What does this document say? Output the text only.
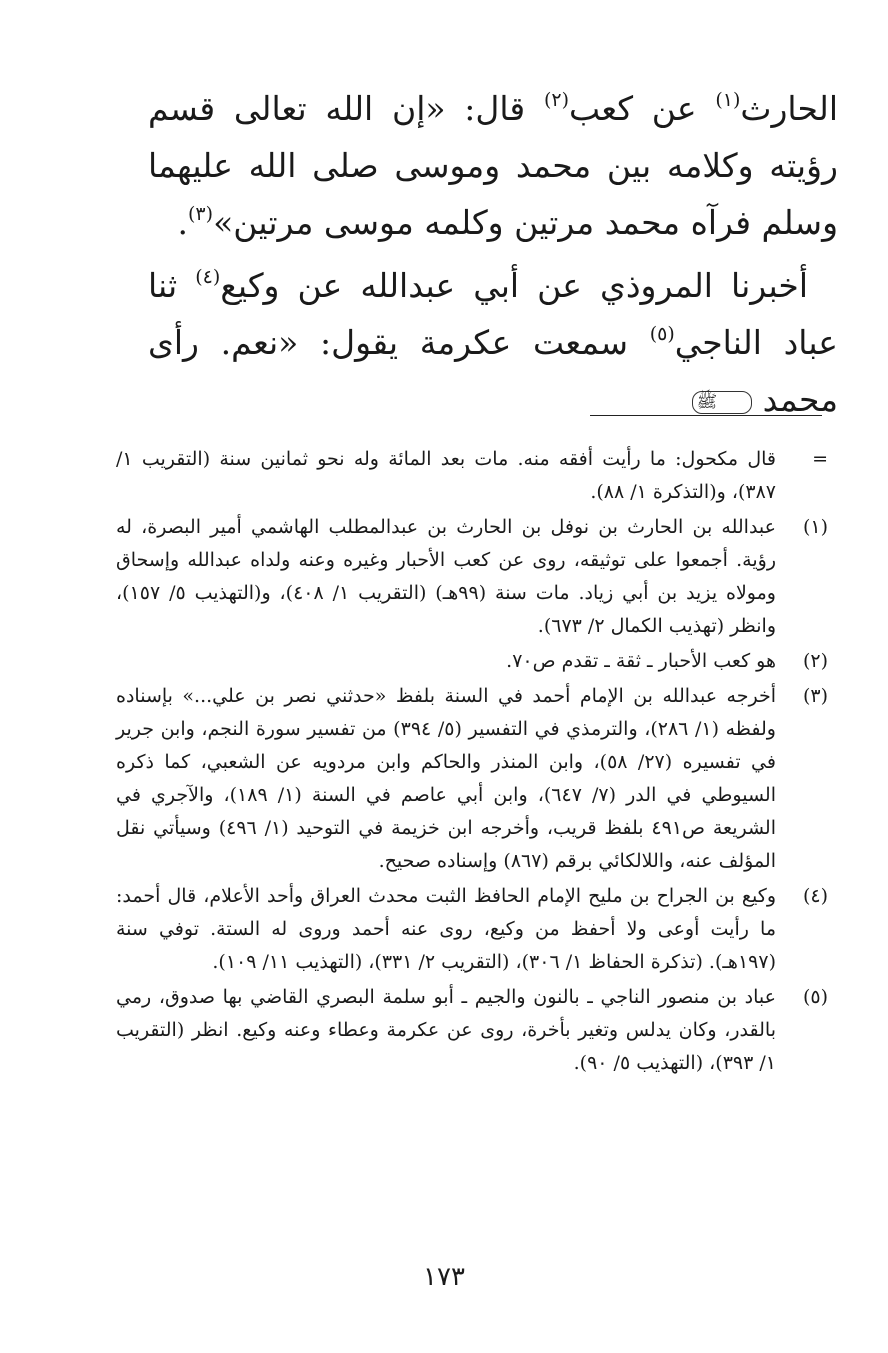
الحارث$^{(١)}$ عن كعب$^{(٢)}$ قال: «إن الله تعالى قسم رؤيته وكلامه بين محمد وموسى صلى الله عليهما وسلم فرآه محمد مرتين وكلمه موسى مرتين»$^{(٣)}$.

أخبرنا المروذي عن أبي عبدالله عن وكيع$^{(٤)}$ ثنا عباد الناجي$^{(٥)}$ سمعت عكرمة يقول: «نعم. رأى محمد ﷺ

=
قال مكحول: ما رأيت أفقه منه. مات بعد المائة وله نحو ثمانين سنة (التقريب ١/ ٣٨٧)، و(التذكرة ١/ ٨٨).
(١)
عبدالله بن الحارث بن نوفل بن الحارث بن عبدالمطلب الهاشمي أمير البصرة، له رؤية. أجمعوا على توثيقه، روى عن كعب الأحبار وغيره وعنه ولداه عبدالله وإسحاق ومولاه يزيد بن أبي زياد. مات سنة (٩٩هـ) (التقريب ١/ ٤٠٨)، و(التهذيب ٥/ ١٥٧)، وانظر (تهذيب الكمال ٢/ ٦٧٣).
(٢)
هو كعب الأحبار ـ ثقة ـ تقدم ص٧٠.
(٣)
أخرجه عبدالله بن الإمام أحمد في السنة بلفظ «حدثني نصر بن علي...» بإسناده ولفظه (١/ ٢٨٦)، والترمذي في التفسير (٥/ ٣٩٤) من تفسير سورة النجم، وابن جرير في تفسيره (٢٧/ ٥٨)، وابن المنذر والحاكم وابن مردويه عن الشعبي، كما ذكره السيوطي في الدر (٧/ ٦٤٧)، وابن أبي عاصم في السنة (١/ ١٨٩)، والآجري في الشريعة ص٤٩١ بلفظ قريب، وأخرجه ابن خزيمة في التوحيد (١/ ٤٩٦) وسيأتي نقل المؤلف عنه، واللالكائي برقم (٨٦٧) وإسناده صحيح.
(٤)
وكيع بن الجراح بن مليح الإمام الحافظ الثبت محدث العراق وأحد الأعلام، قال أحمد: ما رأيت أوعى ولا أحفظ من وكيع، روى عنه أحمد وروى له الستة. توفي سنة (١٩٧هـ). (تذكرة الحفاظ ١/ ٣٠٦)، (التقريب ٢/ ٣٣١)، (التهذيب ١١/ ١٠٩).
(٥)
عباد بن منصور الناجي ـ بالنون والجيم ـ أبو سلمة البصري القاضي بها صدوق، رمي بالقدر، وكان يدلس وتغير بأخرة، روى عن عكرمة وعطاء وعنه وكيع. انظر (التقريب ١/ ٣٩٣)، (التهذيب ٥/ ٩٠).
١٧٣
